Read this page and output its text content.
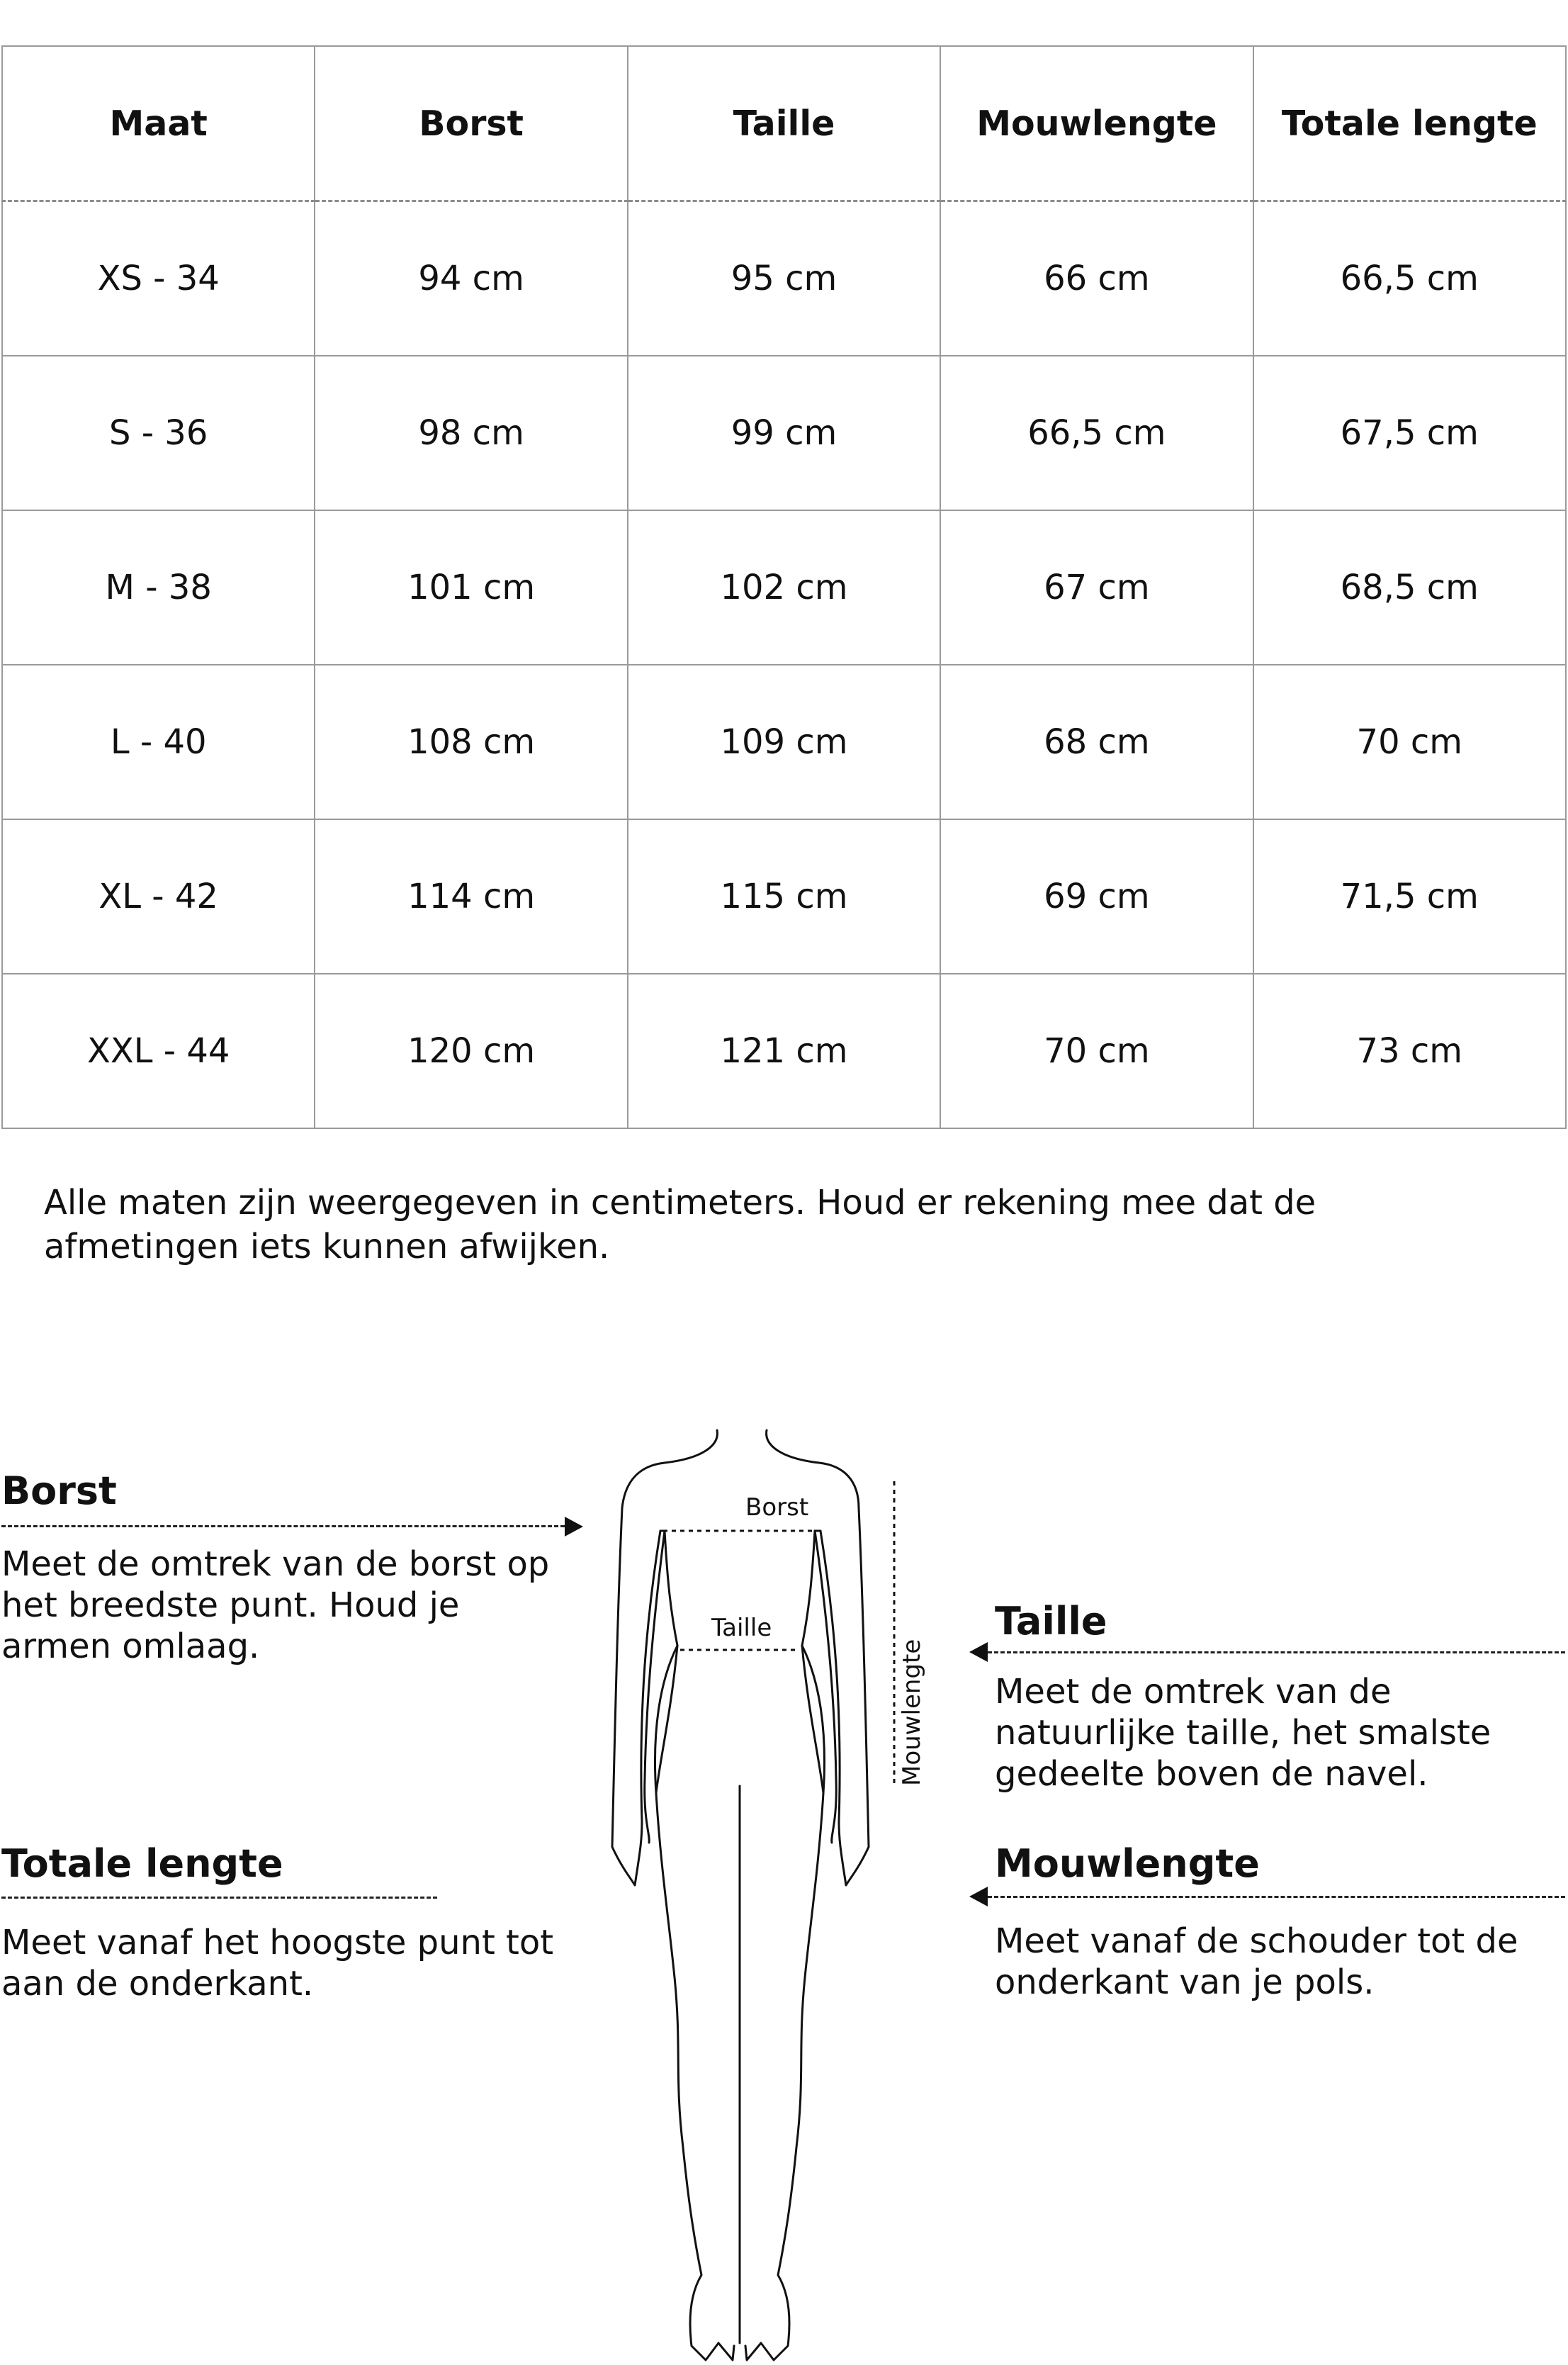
Maat	Borst	Taille	Mouwlengte	Totale lengte
XS - 34	94 cm	95 cm	66 cm	66,5 cm
S - 36	98 cm	99 cm	66,5 cm	67,5 cm
M - 38	101 cm	102 cm	67 cm	68,5 cm
L - 40	108 cm	109 cm	68 cm	70 cm
XL - 42	114 cm	115 cm	69 cm	71,5 cm
XXL - 44	120 cm	121 cm	70 cm	73 cm
Alle maten zijn weergegeven in centimeters. Houd er rekening mee dat de afmetingen iets kunnen afwijken.
Borst
Meet de omtrek van de borst op het breedste punt. Houd je armen omlaag.
Totale lengte
Meet vanaf het hoogste punt tot aan de onderkant.
Taille
Meet de omtrek van de natuurlijke taille, het smalste gedeelte boven de navel.
Mouwlengte
Meet vanaf de schouder tot de onderkant van je pols.
Borst
Taille
Mouwlengte
